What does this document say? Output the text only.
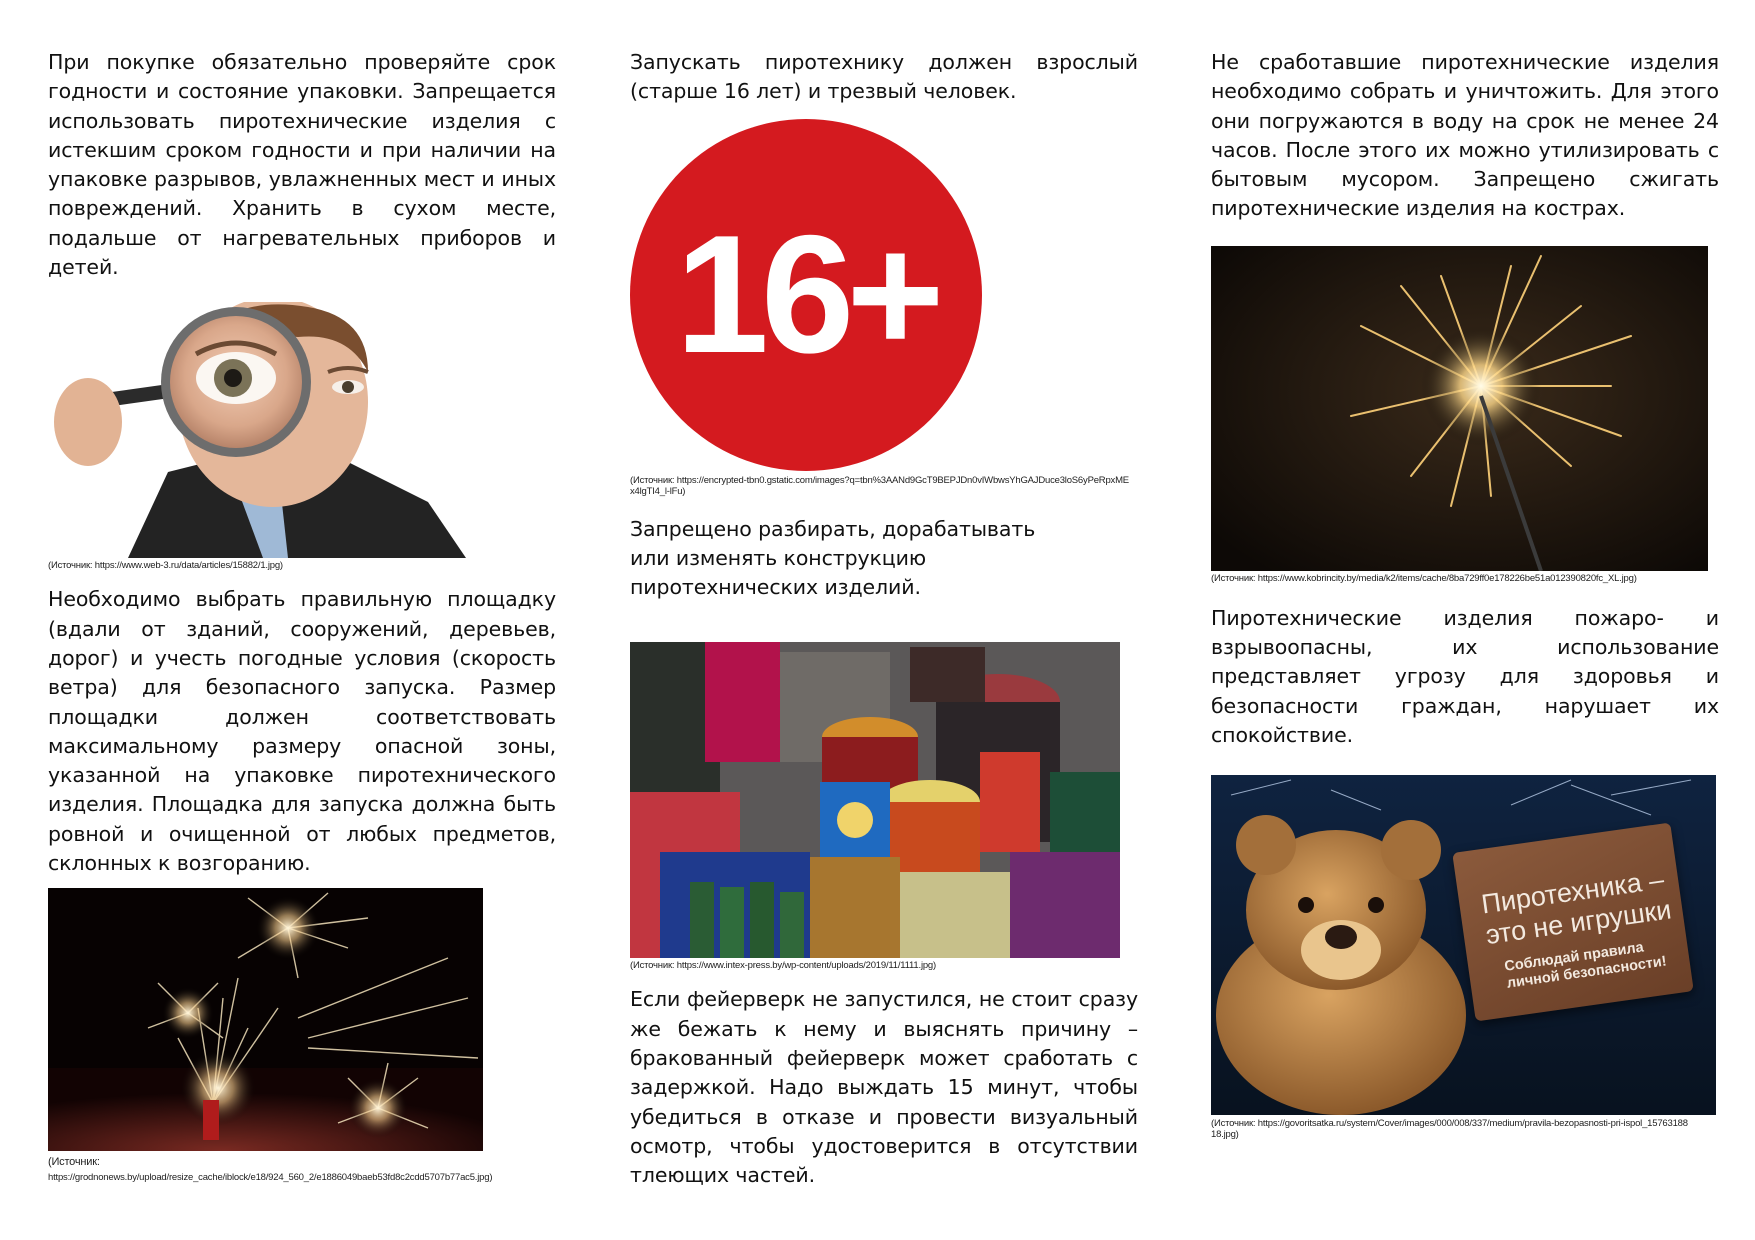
При покупке обязательно проверяйте срок годности и состояние упаковки. Запрещается использовать пиротехнические изделия с истекшим сроком годности и при наличии на упаковке разрывов, увлажненных мест и иных повреждений. Хранить в сухом месте, подальше от нагревательных приборов и детей.

(Источник: https://www.web-3.ru/data/articles/15882/1.jpg)

Необходимо выбрать правильную площадку (вдали от зданий, сооружений, деревьев, дорог) и учесть погодные условия (скорость ветра) для безопасного запуска. Размер площадки должен соответствовать максимальному размеру опасной зоны, указанной на упаковке пиротехнического изделия. Площадка для запуска должна быть ровной и очищенной от любых предметов, склонных к возгоранию.

(Источник:

https://grodnonews.by/upload/resize_cache/iblock/e18/924_560_2/e1886049baeb53fd8c2cdd5707b77ac5.jpg)

Запускать пиротехнику должен взрослый (старше 16 лет) и трезвый человек.

16+

(Источник: https://encrypted-tbn0.gstatic.com/images?q=tbn%3AANd9GcT9BEPJDn0vIWbwsYhGAJDuce3loS6yPeRpxMEx4lgTI4_l-lFu)

Запрещено разбирать, дорабатывать или изменять конструкцию пиротехнических изделий.

(Источник: https://www.intex-press.by/wp-content/uploads/2019/11/1111.jpg)

Если фейерверк не запустился, не стоит сразу же бежать к нему и выяснять причину – бракованный фейерверк может сработать с задержкой. Надо выждать 15 минут, чтобы убедиться в отказе и провести визуальный осмотр, чтобы удостоверится в отсутствии тлеющих частей.

Не сработавшие пиротехнические изделия необходимо собрать и уничтожить. Для этого они погружаются в воду на срок не менее 24 часов. После этого их можно утилизировать с бытовым мусором. Запрещено сжигать пиротехнические изделия на кострах.

(Источник: https://www.kobrincity.by/media/k2/items/cache/8ba729ff0e178226be51a012390820fc_XL.jpg)

Пиротехнические изделия пожаро- и взрывоопасны, их использование представляет угрозу для здоровья и безопасности граждан, нарушает их спокойствие.

Пиротехника – это не игрушки
Соблюдай правила личной безопасности!

(Источник: https://govoritsatka.ru/system/Cover/images/000/008/337/medium/pravila-bezopasnosti-pri-ispol_1576318818.jpg)
